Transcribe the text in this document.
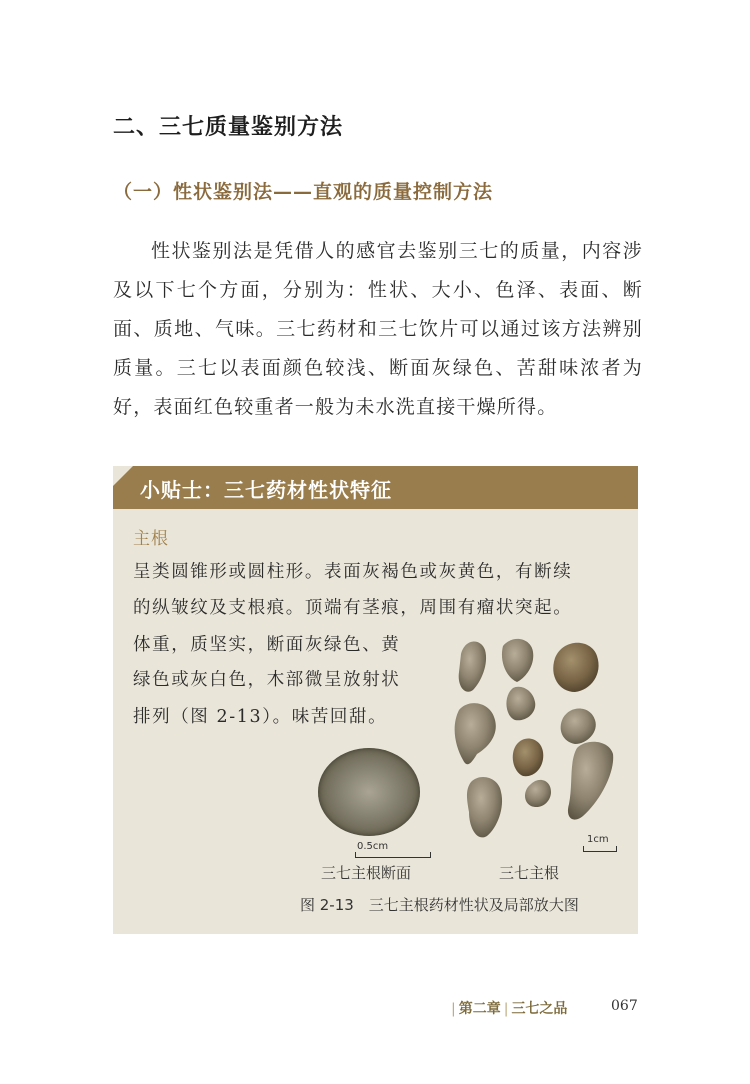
二、三七质量鉴别方法
（一）性状鉴别法——直观的质量控制方法

性状鉴别法是凭借人的感官去鉴别三七的质量，内容涉及以下七个方面，分别为：性状、大小、色泽、表面、断面、质地、气味。三七药材和三七饮片可以通过该方法辨别质量。三七以表面颜色较浅、断面灰绿色、苦甜味浓者为好，表面红色较重者一般为未水洗直接干燥所得。

小贴士：三七药材性状特征
主根
呈类圆锥形或圆柱形。表面灰褐色或灰黄色，有断续
的纵皱纹及支根痕。顶端有茎痕，周围有瘤状突起。
体重，质坚实，断面灰绿色、黄
绿色或灰白色，木部微呈放射状
排列（图 2-13）。味苦回甜。
0.5cm
1cm
三七主根断面	三七主根
图 2-13　三七主根药材性状及局部放大图
| 第二章 | 三七之品	067
